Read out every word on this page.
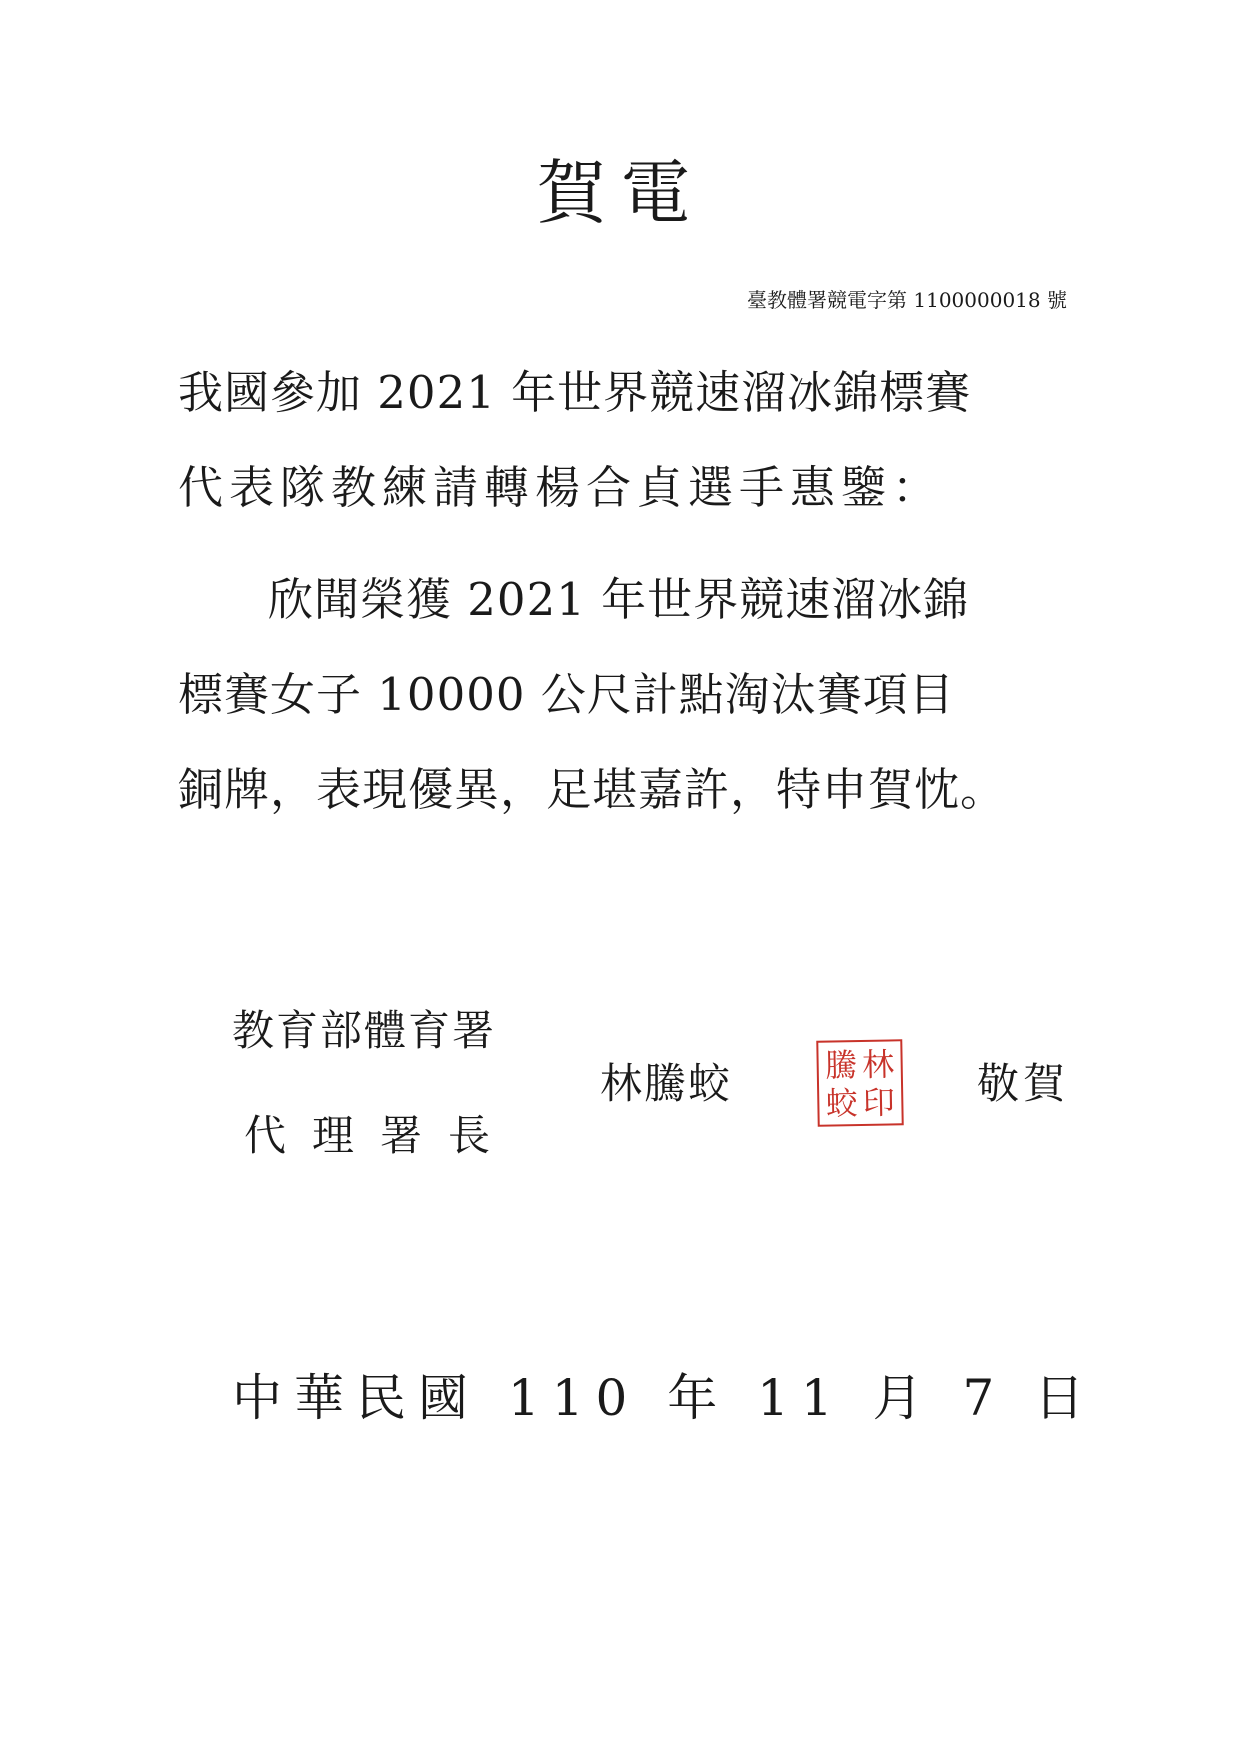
賀電
臺教體署競電字第 1100000018 號
我國參加 2021 年世界競速溜冰錦標賽
代表隊教練請轉楊合貞選手惠鑒：
欣聞榮獲 2021 年世界競速溜冰錦
標賽女子 10000 公尺計點淘汰賽項目
銅牌，表現優異，足堪嘉許，特申賀忱。
教育部體育署
代理署長
林騰蛟	騰 林
蛟 印 敬賀
中華民國 110 年 11 月 7 日
